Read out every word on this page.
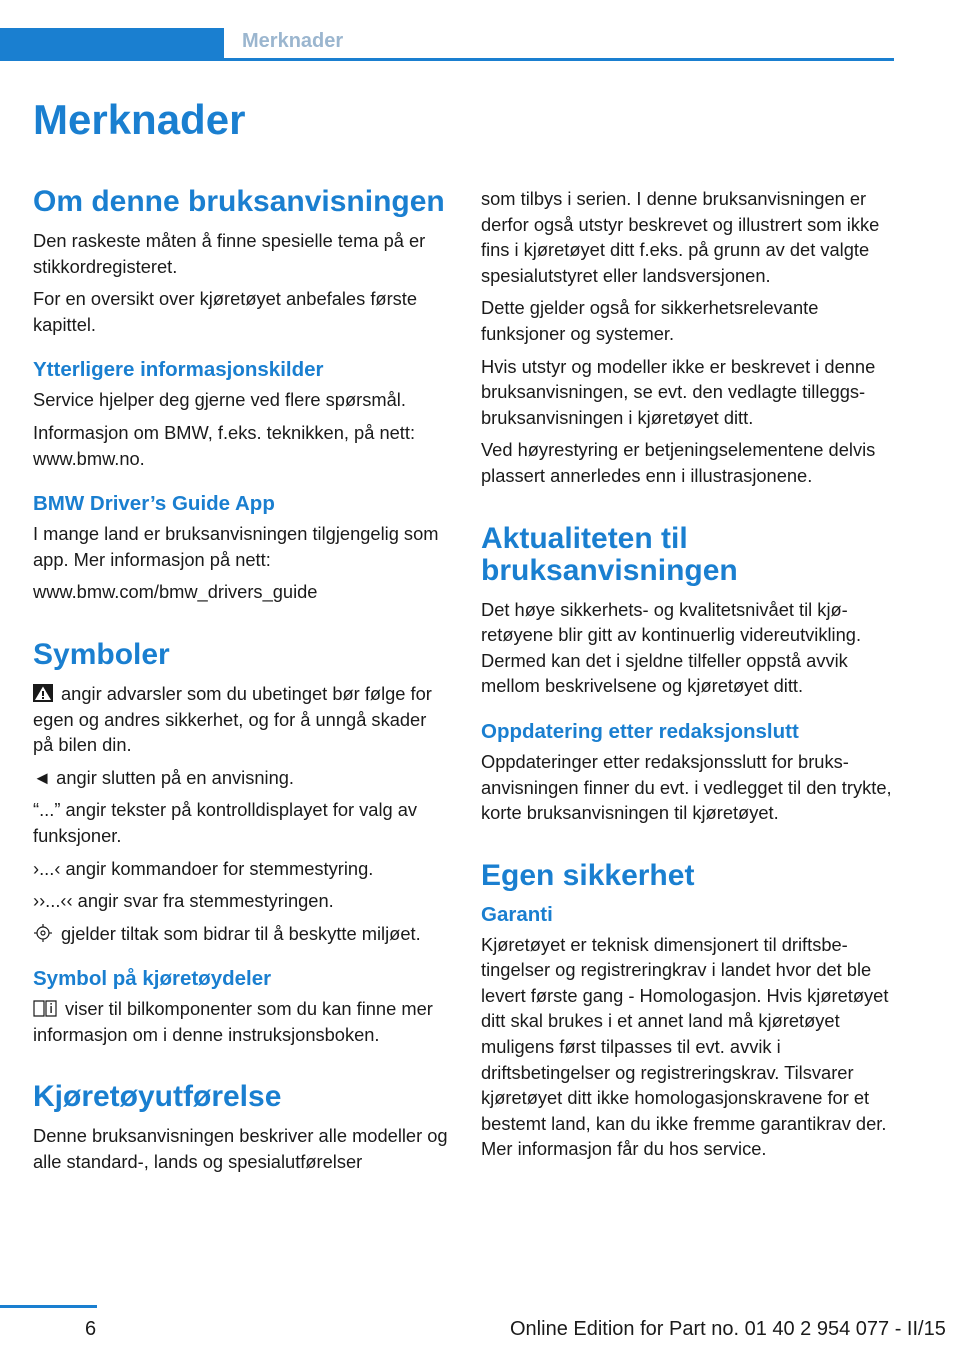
Merknader
Merknader
Om denne bruksanvisningen

Den raskeste måten å finne spesielle tema på er stikkordregisteret.

For en oversikt over kjøretøyet anbefales første kapittel.

Ytterligere informasjonskilder

Service hjelper deg gjerne ved flere spørsmål.

Informasjon om BMW, f.eks. teknikken, på nett: www.bmw.no.

BMW Driver’s Guide App

I mange land er bruksanvisningen tilgjengelig som app. Mer informasjon på nett:

www.bmw.com/bmw_drivers_guide

Symboler

angir advarsler som du ubetinget bør følge for egen og andres sikkerhet, og for å unngå skader på bilen din.

◄ angir slutten på en anvisning.

“...” angir tekster på kontrolldisplayet for valg av funksjoner.

›...‹ angir kommandoer for stemmestyring.

››...‹‹ angir svar fra stemmestyringen.

gjelder tiltak som bidrar til å beskytte miljøet.

Symbol på kjøretøydeler

viser til bilkomponenter som du kan finne mer informasjon om i denne instruksjonsboken.

Kjøretøyutførelse

Denne bruksanvisningen beskriver alle modeller og alle standard-, lands og spesialutførelser

som tilbys i serien. I denne bruksanvisningen er derfor også utstyr beskrevet og illustrert som ikke fins i kjøretøyet ditt f.eks. på grunn av det valgte spesialutstyret eller landsversjonen.

Dette gjelder også for sikkerhetsrelevante funksjoner og systemer.

Hvis utstyr og modeller ikke er beskrevet i denne bruksanvisningen, se evt. den vedlagte tilleggs-bruksanvisningen i kjøretøyet ditt.

Ved høyrestyring er betjeningselementene delvis plassert annerledes enn i illustrasjonene.

Aktualiteten til bruksanvisningen

Det høye sikkerhets- og kvalitetsnivået til kjøretøyene blir gitt av kontinuerlig videreutvikling. Dermed kan det i sjeldne tilfeller oppstå avvik mellom beskrivelsene og kjøretøyet ditt.

Oppdatering etter redaksjonslutt

Oppdateringer etter redaksjonsslutt for bruksanvisningen finner du evt. i vedlegget til den trykte, korte bruksanvisningen til kjøretøyet.

Egen sikkerhet
Garanti

Kjøretøyet er teknisk dimensjonert til driftsbetingelser og registreringkrav i landet hvor det ble levert første gang - Homologasjon. Hvis kjøretøyet ditt skal brukes i et annet land må kjøretøyet muligens først tilpasses til evt. avvik i driftsbetingelser og registreringskrav. Tilsvarer kjøretøyet ditt ikke homologasjonskravene for et bestemt land, kan du ikke fremme garantikrav der. Mer informasjon får du hos service.

6	Online Edition for Part no. 01 40 2 954 077 - II/15
